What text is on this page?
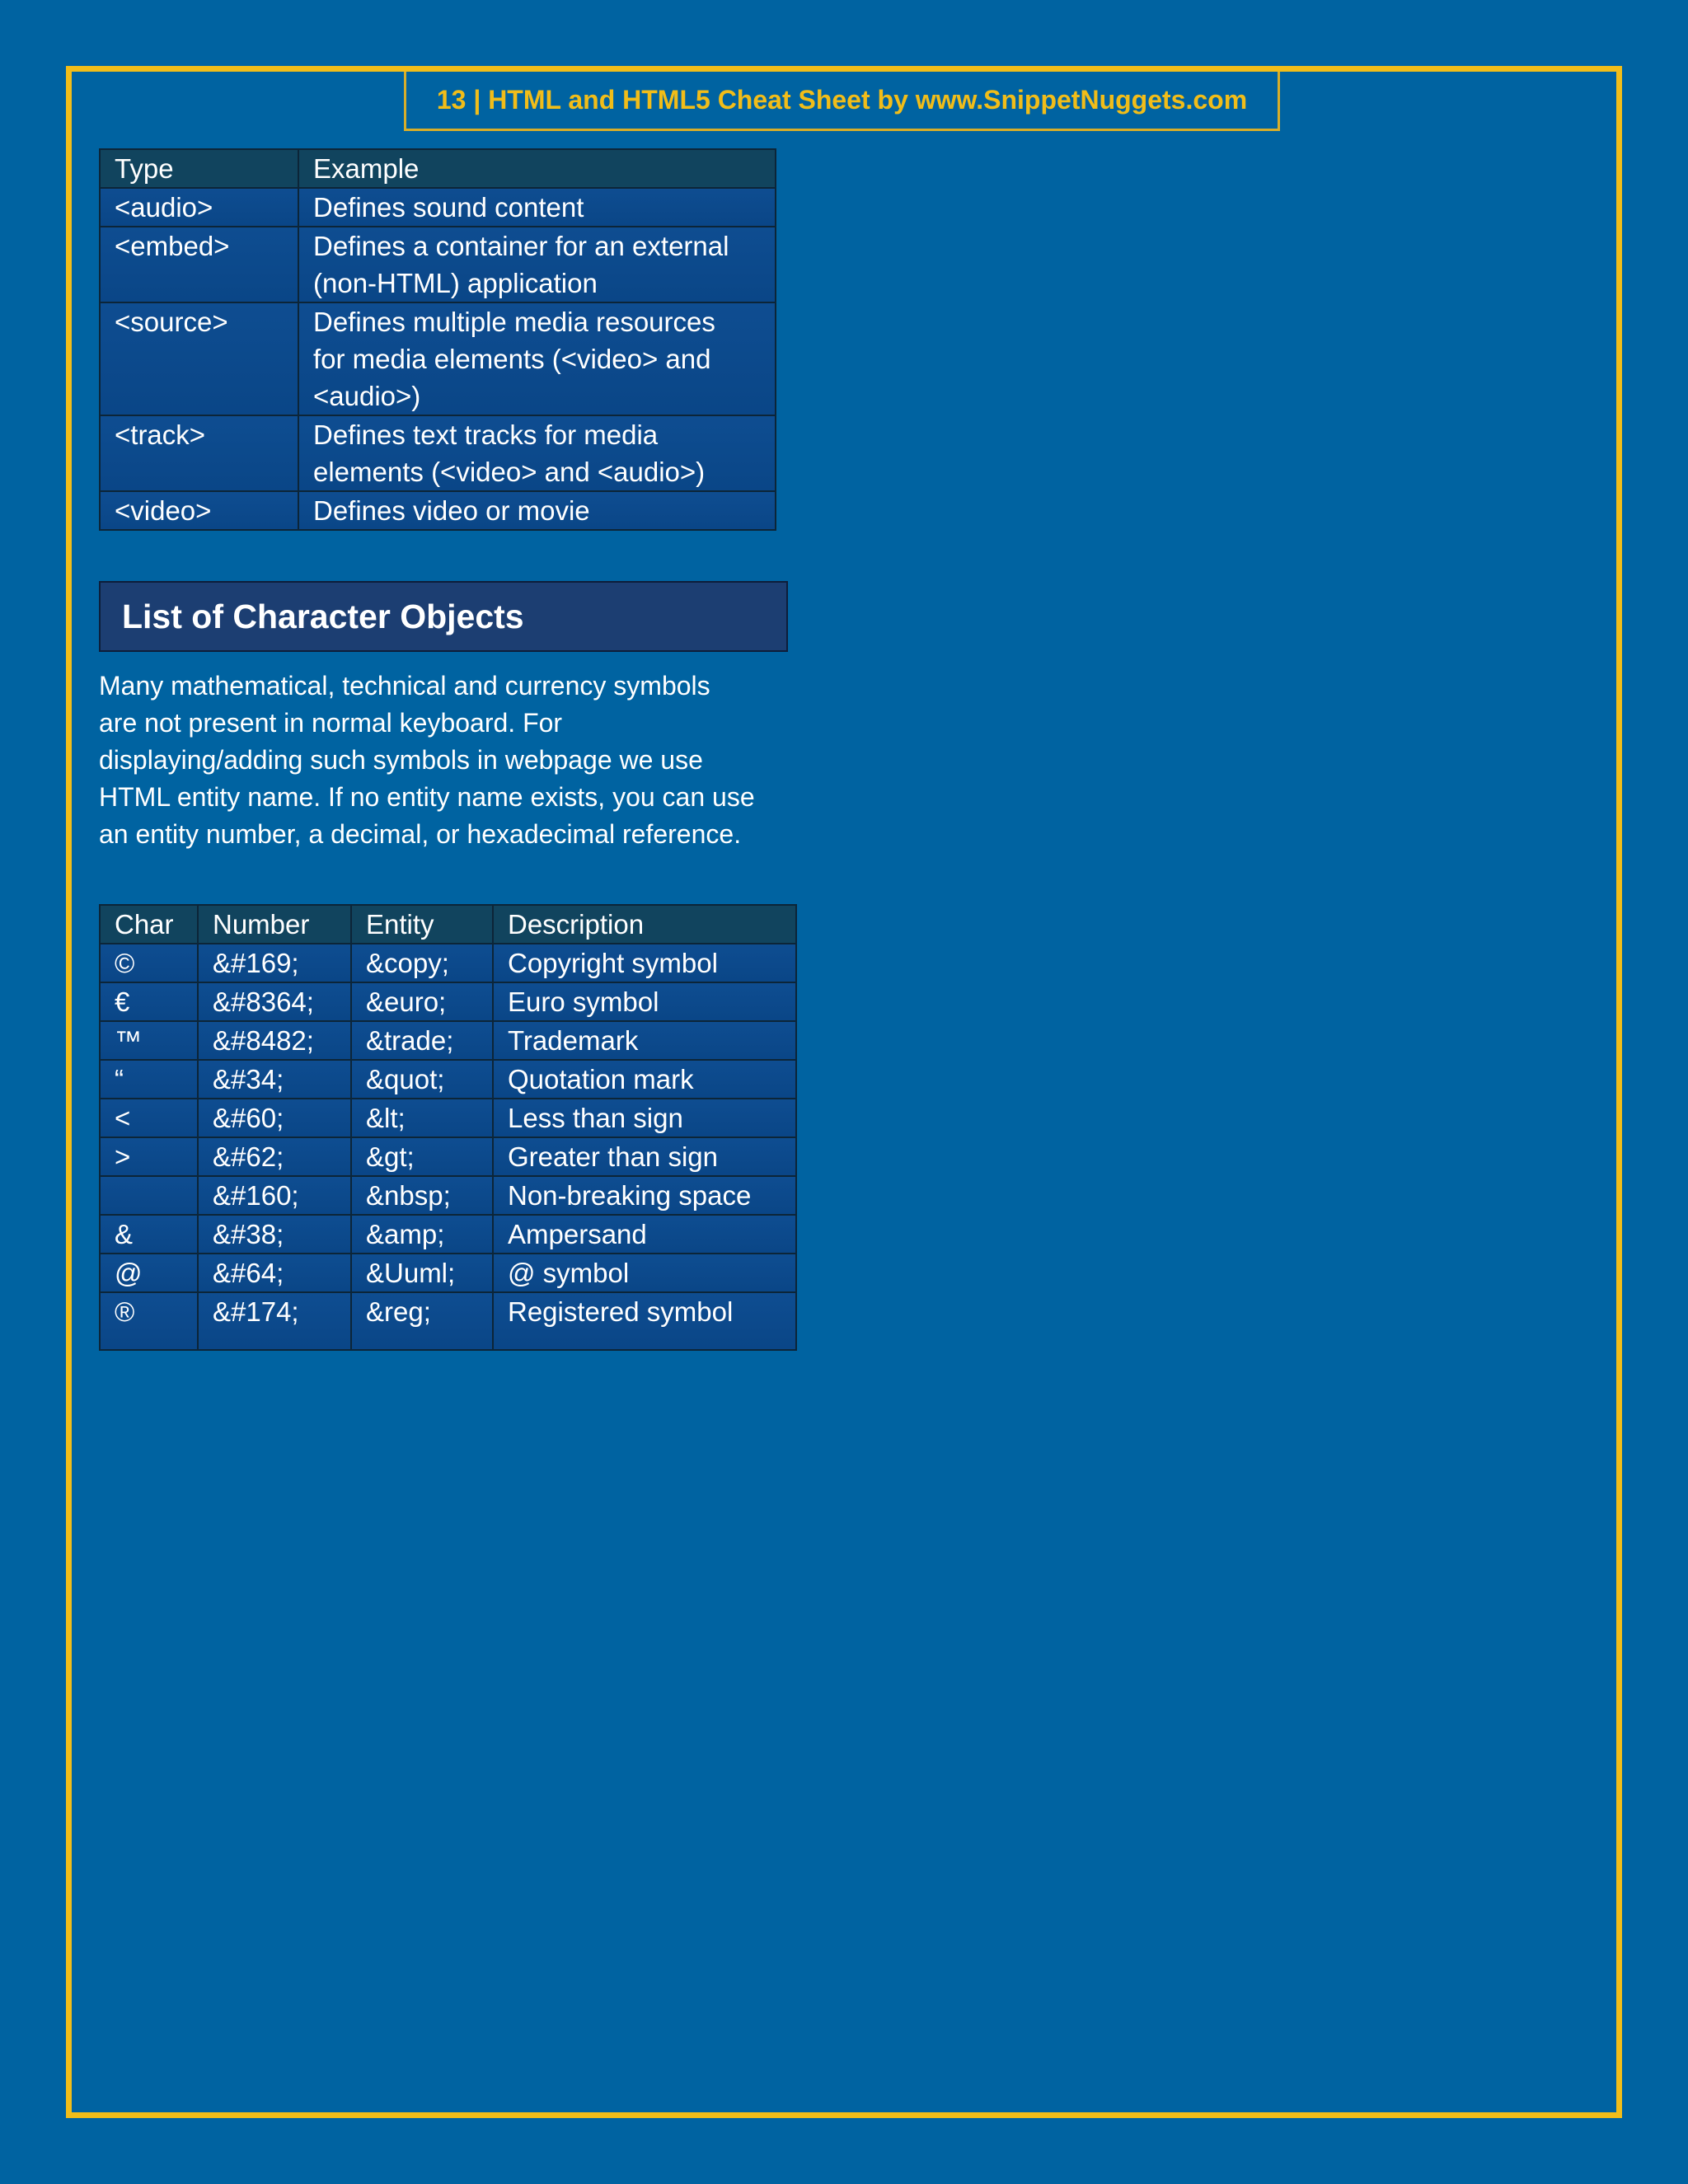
13 | HTML and HTML5 Cheat Sheet by www.SnippetNuggets.com
Type	Example
<audio>	Defines sound content

<embed>	Defines a container for an external
(non-HTML) application

<source>	Defines multiple media resources
for media elements (<video> and
<audio>)

<track>	Defines text tracks for media
elements (<video> and <audio>)

<video>	Defines video or movie
List of Character Objects
Many mathematical, technical and currency symbols
are not present in normal keyboard. For
displaying/adding such symbols in webpage we use
HTML entity name. If no entity name exists, you can use
an entity number, a decimal, or hexadecimal reference.
Char	Number	Entity	Description
©	&#169;	&copy;	Copyright symbol
€	&#8364;	&euro;	Euro symbol
™	&#8482;	&trade;	Trademark
“	&#34;	&quot;	Quotation mark
<	&#60;	&lt;	Less than sign
>	&#62;	&gt;	Greater than sign
	&#160;	&nbsp;	Non-breaking space
&	&#38;	&amp;	Ampersand
@	&#64;	&Uuml;	@ symbol
®	&#174;	&reg;	Registered symbol
